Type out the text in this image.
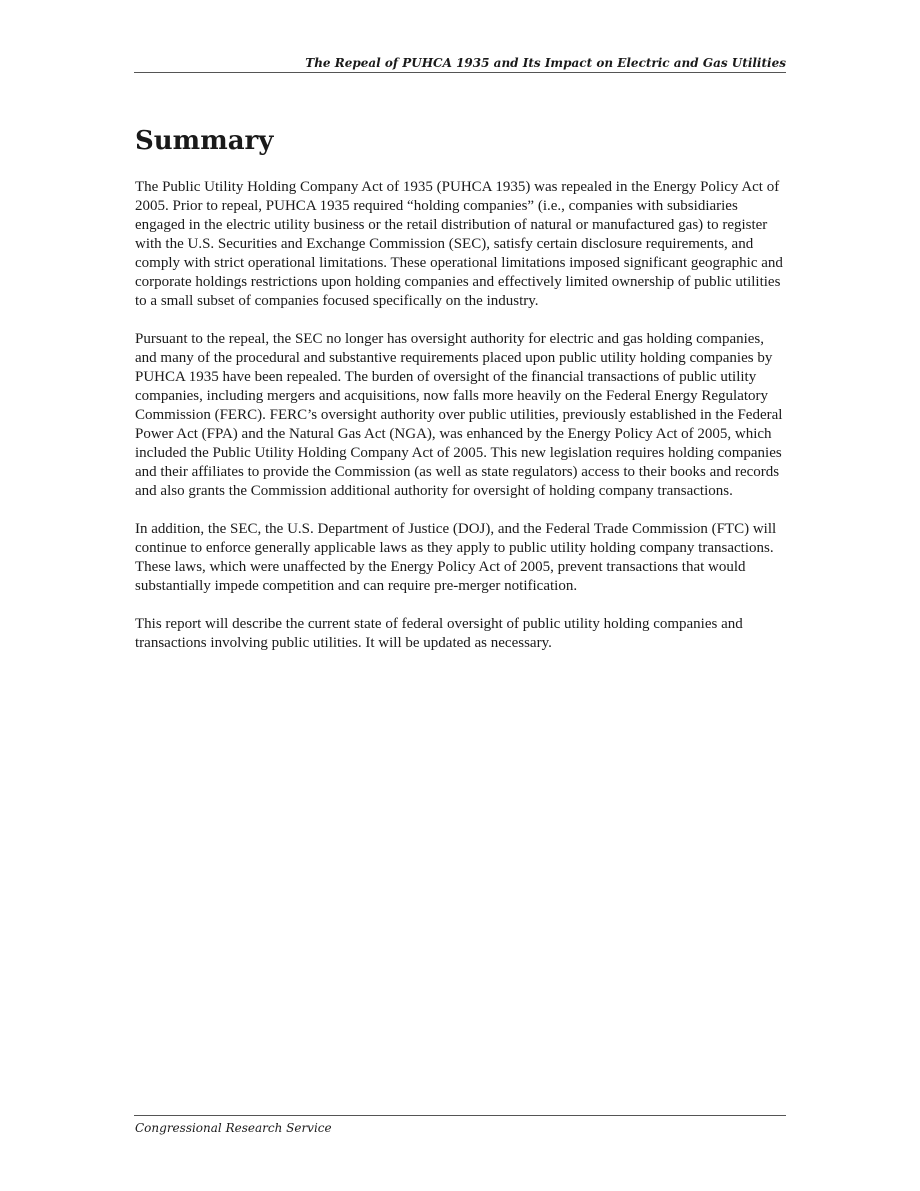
The Repeal of PUHCA 1935 and Its Impact on Electric and Gas Utilities
Summary

The Public Utility Holding Company Act of 1935 (PUHCA 1935) was repealed in the Energy Policy Act of 2005. Prior to repeal, PUHCA 1935 required “holding companies” (i.e., companies with subsidiaries engaged in the electric utility business or the retail distribution of natural or manufactured gas) to register with the U.S. Securities and Exchange Commission (SEC), satisfy certain disclosure requirements, and comply with strict operational limitations. These operational limitations imposed significant geographic and corporate holdings restrictions upon holding companies and effectively limited ownership of public utilities to a small subset of companies focused specifically on the industry.

Pursuant to the repeal, the SEC no longer has oversight authority for electric and gas holding companies, and many of the procedural and substantive requirements placed upon public utility holding companies by PUHCA 1935 have been repealed. The burden of oversight of the financial transactions of public utility companies, including mergers and acquisitions, now falls more heavily on the Federal Energy Regulatory Commission (FERC). FERC’s oversight authority over public utilities, previously established in the Federal Power Act (FPA) and the Natural Gas Act (NGA), was enhanced by the Energy Policy Act of 2005, which included the Public Utility Holding Company Act of 2005. This new legislation requires holding companies and their affiliates to provide the Commission (as well as state regulators) access to their books and records and also grants the Commission additional authority for oversight of holding company transactions.

In addition, the SEC, the U.S. Department of Justice (DOJ), and the Federal Trade Commission (FTC) will continue to enforce generally applicable laws as they apply to public utility holding company transactions. These laws, which were unaffected by the Energy Policy Act of 2005, prevent transactions that would substantially impede competition and can require pre-merger notification.

This report will describe the current state of federal oversight of public utility holding companies and transactions involving public utilities. It will be updated as necessary.

Congressional Research Service
